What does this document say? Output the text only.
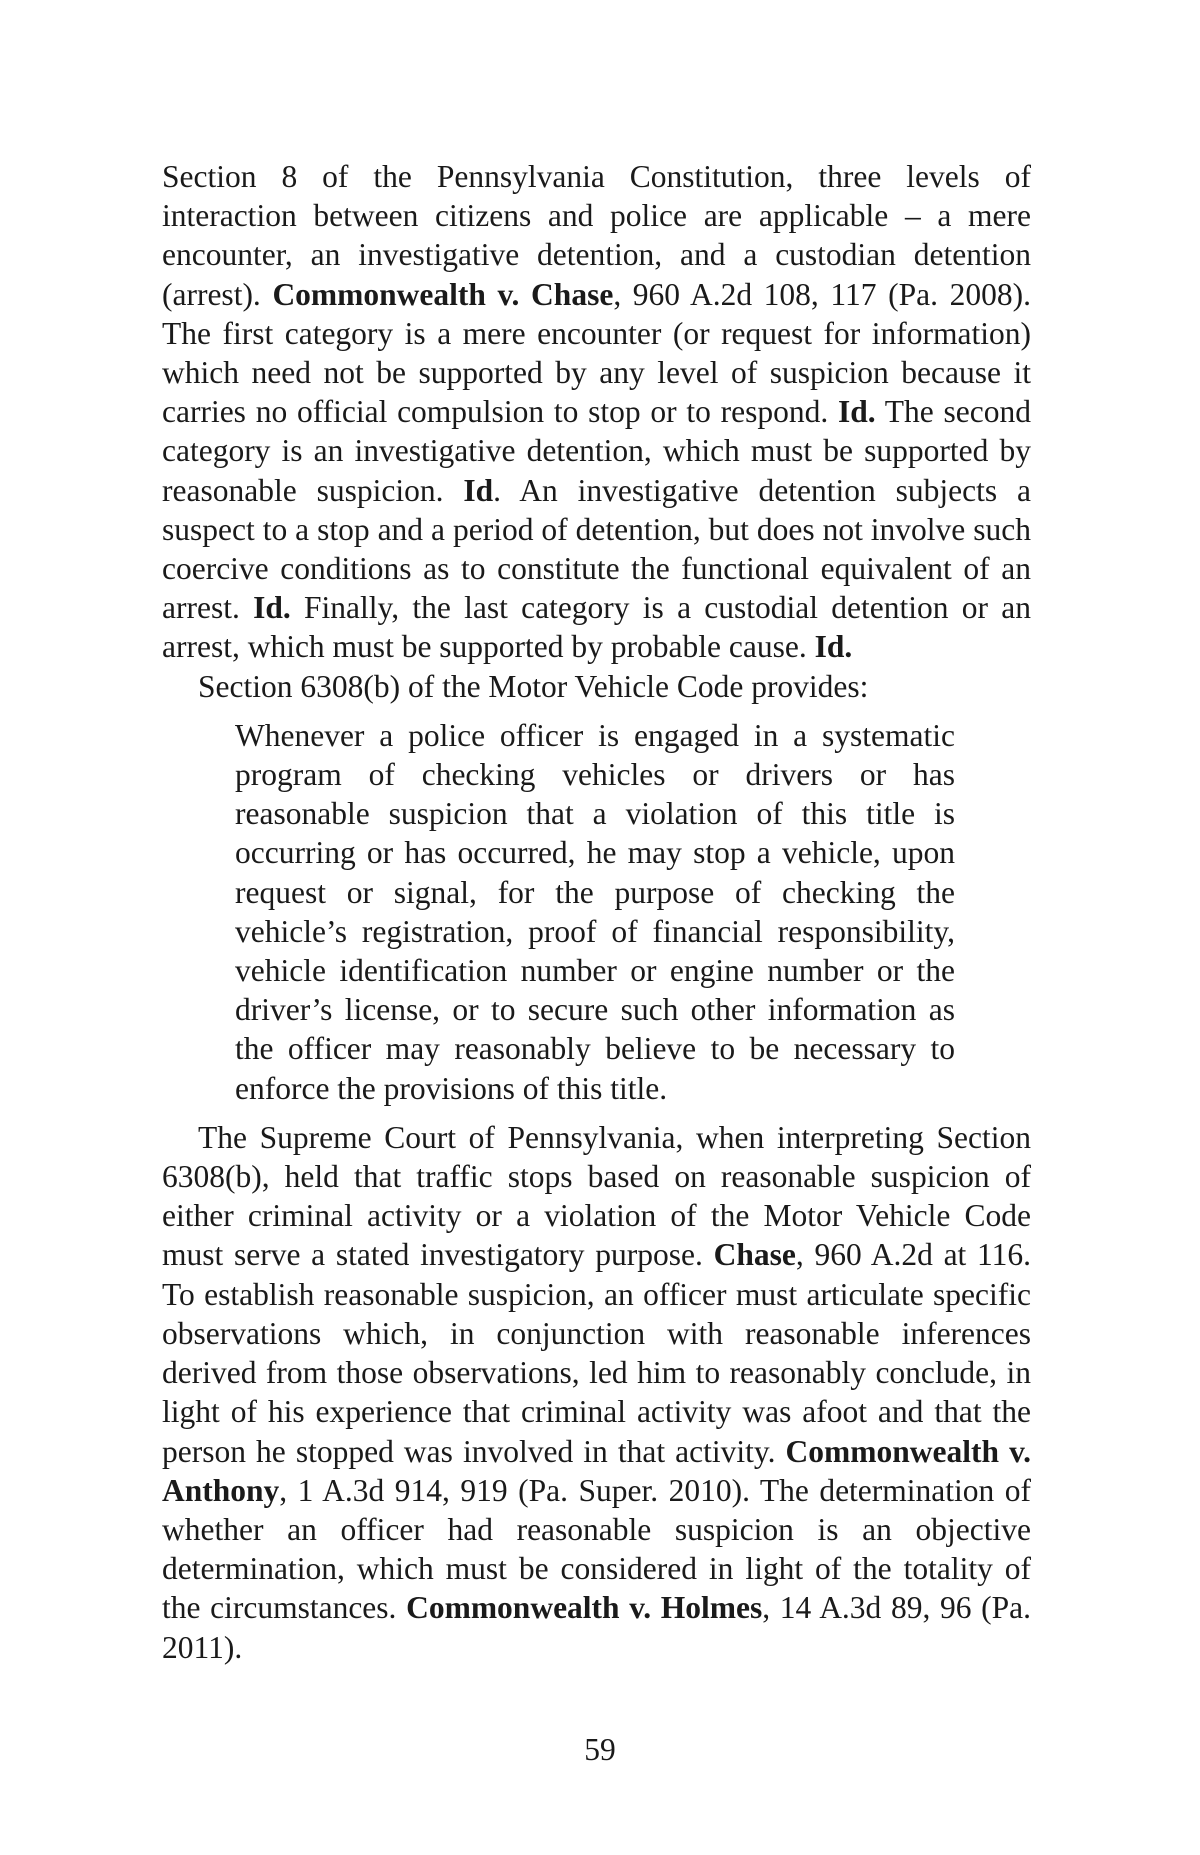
Section 8 of the Pennsylvania Constitution, three levels of interaction between citizens and police are applicable – a mere encounter, an investigative detention, and a custodian detention (arrest). Commonwealth v. Chase, 960 A.2d 108, 117 (Pa. 2008). The first category is a mere encounter (or request for information) which need not be supported by any level of suspicion because it carries no official compulsion to stop or to respond. Id. The second category is an investigative detention, which must be supported by reasonable suspicion. Id. An investigative detention subjects a suspect to a stop and a period of detention, but does not involve such coercive conditions as to constitute the functional equivalent of an arrest. Id. Finally, the last category is a custodial detention or an arrest, which must be supported by probable cause. Id.

Section 6308(b) of the Motor Vehicle Code provides:

Whenever a police officer is engaged in a systematic program of checking vehicles or drivers or has reasonable suspicion that a violation of this title is occurring or has occurred, he may stop a vehicle, upon request or signal, for the purpose of checking the vehicle’s registration, proof of financial responsibility, vehicle identification number or engine number or the driver’s license, or to secure such other information as the officer may reasonably believe to be necessary to enforce the provisions of this title.

The Supreme Court of Pennsylvania, when interpreting Section 6308(b), held that traffic stops based on reasonable suspicion of either criminal activity or a violation of the Motor Vehicle Code must serve a stated investigatory purpose. Chase, 960 A.2d at 116. To establish reasonable suspicion, an officer must articulate specific observations which, in conjunction with reasonable inferences derived from those observations, led him to reasonably conclude, in light of his experience that criminal activity was afoot and that the person he stopped was involved in that activity. Commonwealth v. Anthony, 1 A.3d 914, 919 (Pa. Super. 2010). The determination of whether an officer had reasonable suspicion is an objective determination, which must be considered in light of the totality of the circumstances. Commonwealth v. Holmes, 14 A.3d 89, 96 (Pa. 2011).

59
